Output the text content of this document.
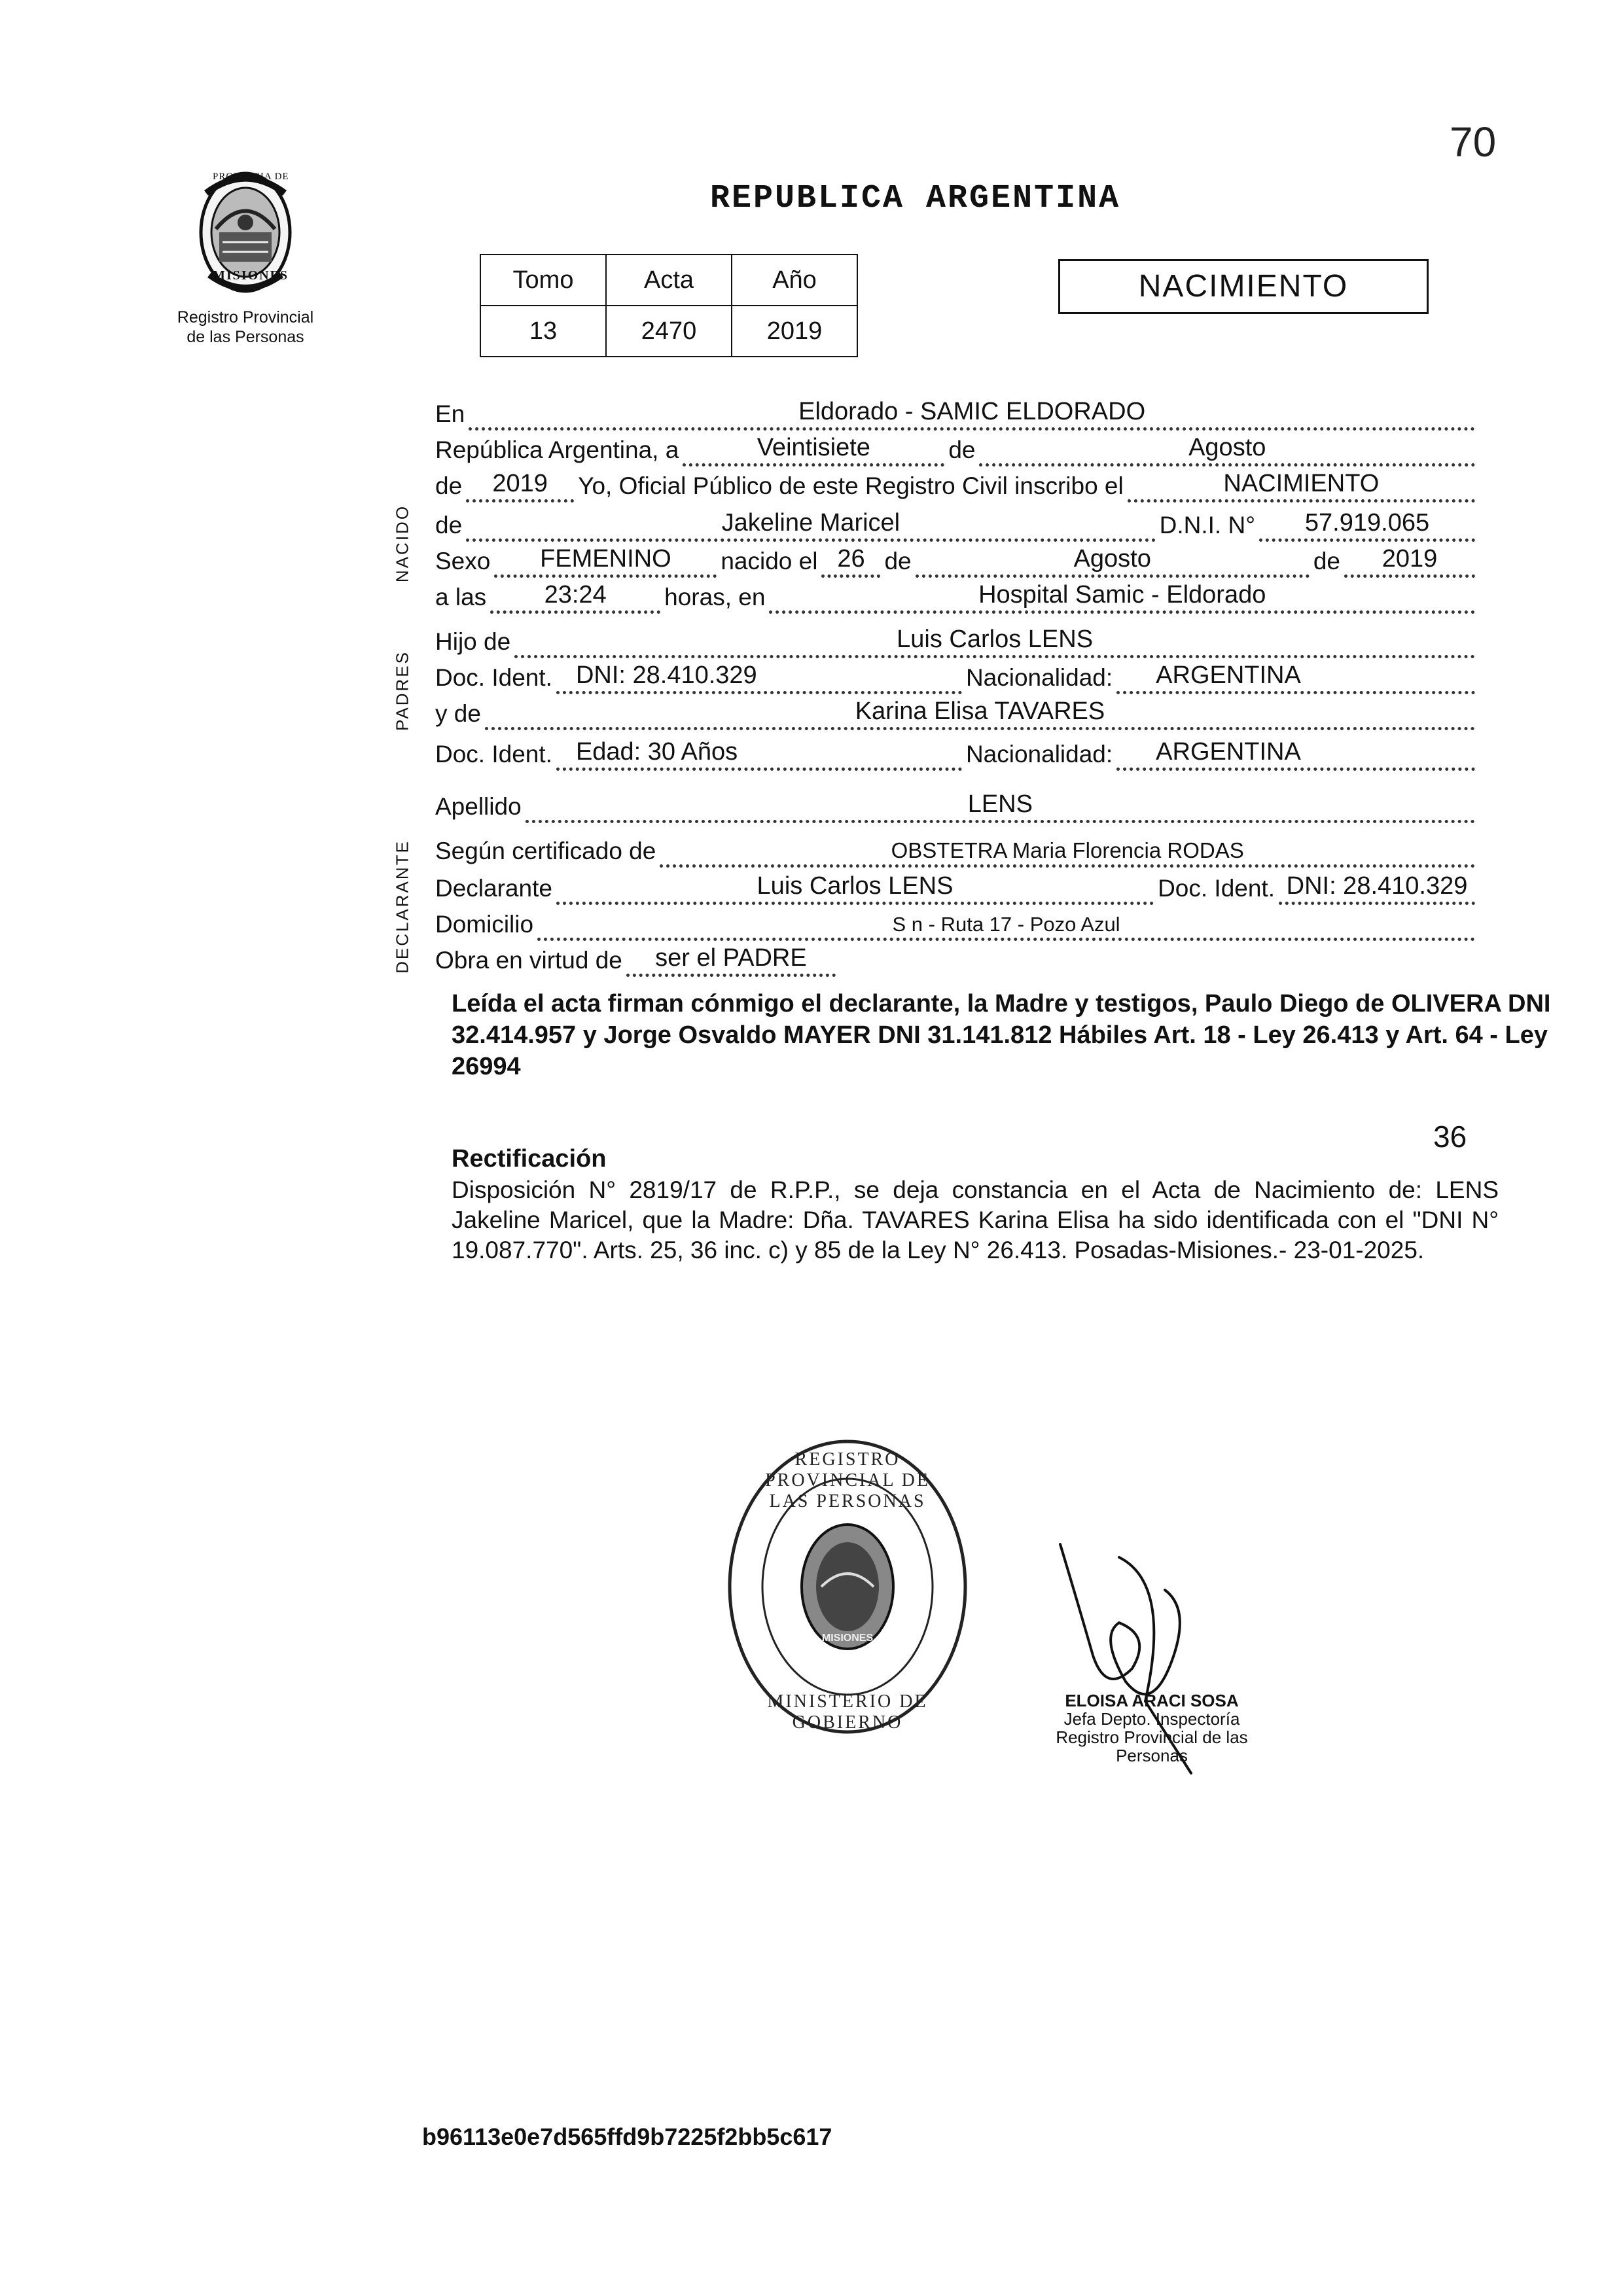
70
PROVINCIA DE
MISIONES
Registro Provincial
de las Personas
REPUBLICA ARGENTINA
Tomo	Acta	Año
13	2470	2019
NACIMIENTO
NACIDO
PADRES
DECLARANTE
En	Eldorado - SAMIC ELDORADO
República Argentina, a	Veintisiete	de	Agosto
de	2019	Yo, Oficial Público de este Registro Civil inscribo el	NACIMIENTO
de	Jakeline Maricel	D.N.I. N°	57.919.065
Sexo	FEMENINO	nacido el 26 de	Agosto	de	2019
a las	23:24	horas, en	Hospital Samic - Eldorado
Hijo de	Luis Carlos LENS
Doc. Ident. DNI: 28.410.329	Nacionalidad:	ARGENTINA
y de	Karina Elisa TAVARES
Doc. Ident. Edad: 30 Años	Nacionalidad:	ARGENTINA
Apellido	LENS
Según certificado de	OBSTETRA Maria Florencia RODAS
Declarante	Luis Carlos LENS	Doc. Ident. DNI: 28.410.329
Domicilio	S n - Ruta 17 - Pozo Azul
Obra en virtud de	ser el PADRE
Leída el acta firman cónmigo el declarante, la Madre y testigos, Paulo Diego de OLIVERA DNI 32.414.957 y Jorge Osvaldo MAYER DNI 31.141.812 Hábiles Art. 18 - Ley 26.413 y Art. 64 - Ley 26994
36
Rectificación
Disposición N° 2819/17 de R.P.P., se deja constancia en el Acta de Nacimiento de: LENS Jakeline Maricel, que la Madre: Dña. TAVARES Karina Elisa ha sido identificada con el "DNI N° 19.087.770". Arts. 25, 36 inc. c) y 85 de la Ley N° 26.413. Posadas-Misiones.- 23-01-2025.
REGISTRO PROVINCIAL DE LAS PERSONAS
MINISTERIO DE GOBIERNO
MISIONES
ELOISA ARACI SOSA
Jefa Depto. Inspectoría
Registro Provincial de las Personas
b96113e0e7d565ffd9b7225f2bb5c617
